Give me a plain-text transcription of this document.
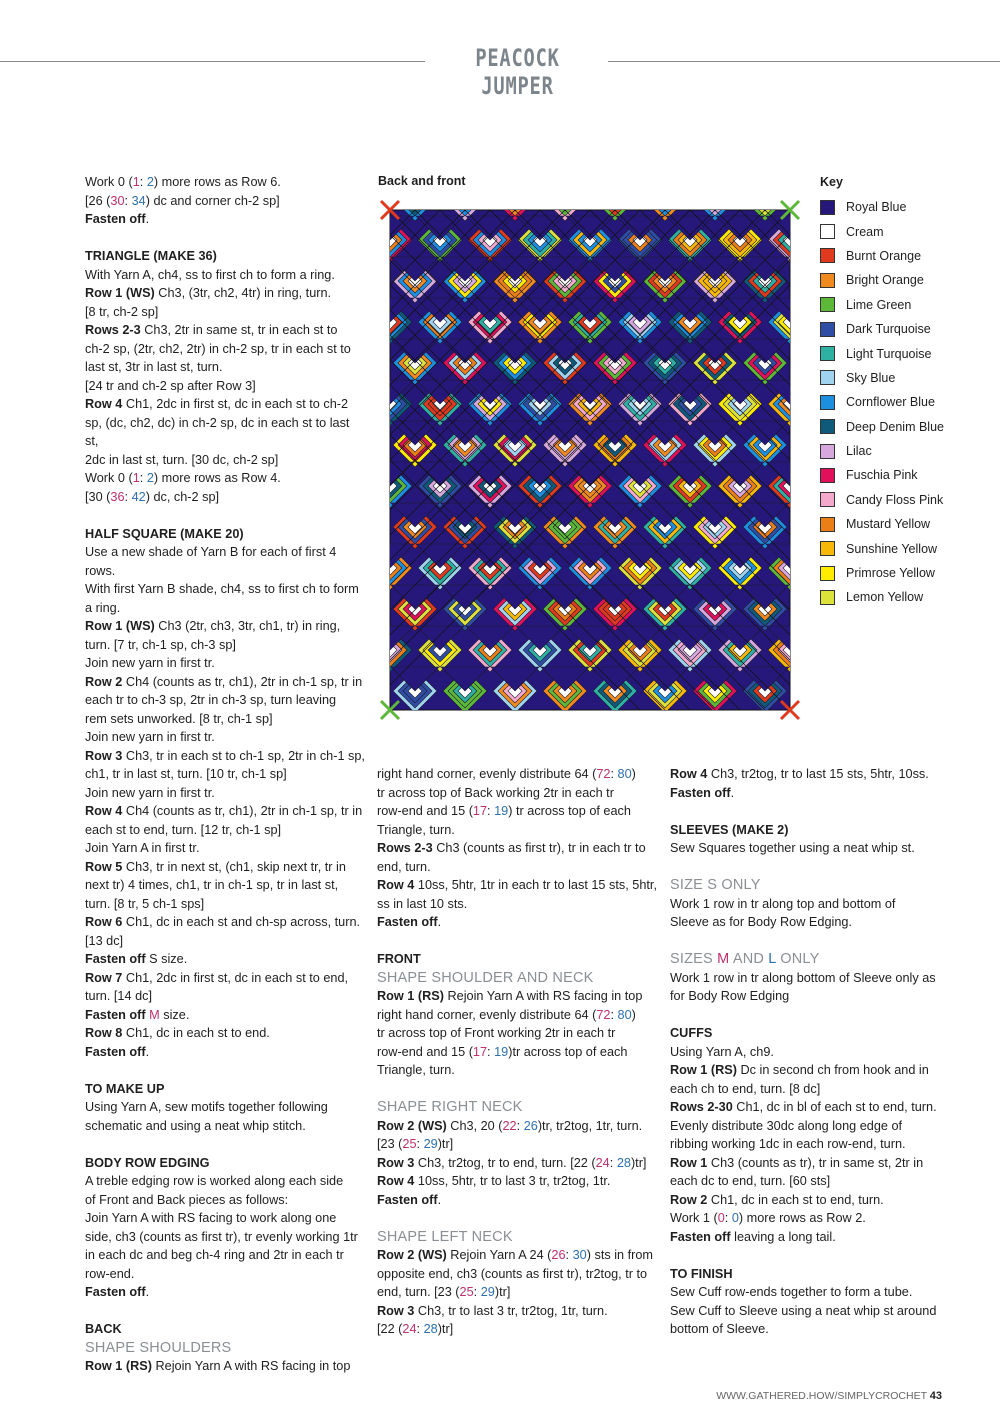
PEACOCK JUMPER

Work 0 (1: 2) more rows as Row 6.

[26 (30: 34) dc and corner ch-2 sp]

Fasten off.

TRIANGLE (MAKE 36)

With Yarn A, ch4, ss to first ch to form a ring.

Row 1 (WS) Ch3, (3tr, ch2, 4tr) in ring, turn.

[8 tr, ch-2 sp]

Rows 2-3 Ch3, 2tr in same st, tr in each st to

ch-2 sp, (2tr, ch2, 2tr) in ch-2 sp, tr in each st to

last st, 3tr in last st, turn.

[24 tr and ch-2 sp after Row 3]

Row 4 Ch1, 2dc in first st, dc in each st to ch-2

sp, (dc, ch2, dc) in ch-2 sp, dc in each st to last st,

2dc in last st, turn. [30 dc, ch-2 sp]

Work 0 (1: 2) more rows as Row 4.

[30 (36: 42) dc, ch-2 sp]

HALF SQUARE (MAKE 20)

Use a new shade of Yarn B for each of first 4 rows.

With first Yarn B shade, ch4, ss to first ch to form

a ring.

Row 1 (WS) Ch3 (2tr, ch3, 3tr, ch1, tr) in ring,

turn. [7 tr, ch-1 sp, ch-3 sp]

Join new yarn in first tr.

Row 2 Ch4 (counts as tr, ch1), 2tr in ch-1 sp, tr in

each tr to ch-3 sp, 2tr in ch-3 sp, turn leaving

rem sets unworked. [8 tr, ch-1 sp]

Join new yarn in first tr.

Row 3 Ch3, tr in each st to ch-1 sp, 2tr in ch-1 sp,

ch1, tr in last st, turn. [10 tr, ch-1 sp]

Join new yarn in first tr.

Row 4 Ch4 (counts as tr, ch1), 2tr in ch-1 sp, tr in

each st to end, turn. [12 tr, ch-1 sp]

Join Yarn A in first tr.

Row 5 Ch3, tr in next st, (ch1, skip next tr, tr in

next tr) 4 times, ch1, tr in ch-1 sp, tr in last st,

turn. [8 tr, 5 ch-1 sps]

Row 6 Ch1, dc in each st and ch-sp across, turn.

[13 dc]

Fasten off S size.

Row 7 Ch1, 2dc in first st, dc in each st to end,

turn. [14 dc]

Fasten off M size.

Row 8 Ch1, dc in each st to end.

Fasten off.

TO MAKE UP

Using Yarn A, sew motifs together following

schematic and using a neat whip stitch.

BODY ROW EDGING

A treble edging row is worked along each side

of Front and Back pieces as follows:

Join Yarn A with RS facing to work along one

side, ch3 (counts as first tr), tr evenly working 1tr

in each dc and beg ch-4 ring and 2tr in each tr

row-end.

Fasten off.

BACK

SHAPE SHOULDERS

Row 1 (RS) Rejoin Yarn A with RS facing in top

Back and front	Key
Royal Blue
Cream
Burnt Orange
Bright Orange
Lime Green
Dark Turquoise
Light Turquoise
Sky Blue
Cornflower Blue
Deep Denim Blue
Lilac
Fuschia Pink
Candy Floss Pink
Mustard Yellow
Sunshine Yellow
Primrose Yellow
Lemon Yellow

right hand corner, evenly distribute 64 (72: 80)

tr across top of Back working 2tr in each tr

row-end and 15 (17: 19) tr across top of each

Triangle, turn.

Rows 2-3 Ch3 (counts as first tr), tr in each tr to

end, turn.

Row 4 10ss, 5htr, 1tr in each tr to last 15 sts, 5htr,

ss in last 10 sts.

Fasten off.

FRONT

SHAPE SHOULDER AND NECK

Row 1 (RS) Rejoin Yarn A with RS facing in top

right hand corner, evenly distribute 64 (72: 80)

tr across top of Front working 2tr in each tr

row-end and 15 (17: 19)tr across top of each

Triangle, turn.

SHAPE RIGHT NECK

Row 2 (WS) Ch3, 20 (22: 26)tr, tr2tog, 1tr, turn.

[23 (25: 29)tr]

Row 3 Ch3, tr2tog, tr to end, turn. [22 (24: 28)tr]

Row 4 10ss, 5htr, tr to last 3 tr, tr2tog, 1tr.

Fasten off.

SHAPE LEFT NECK

Row 2 (WS) Rejoin Yarn A 24 (26: 30) sts in from

opposite end, ch3 (counts as first tr), tr2tog, tr to

end, turn. [23 (25: 29)tr]

Row 3 Ch3, tr to last 3 tr, tr2tog, 1tr, turn.

[22 (24: 28)tr]

Row 4 Ch3, tr2tog, tr to last 15 sts, 5htr, 10ss.

Fasten off.

SLEEVES (MAKE 2)

Sew Squares together using a neat whip st.

SIZE S ONLY

Work 1 row in tr along top and bottom of

Sleeve as for Body Row Edging.

SIZES M AND L ONLY

Work 1 row in tr along bottom of Sleeve only as

for Body Row Edging

CUFFS

Using Yarn A, ch9.

Row 1 (RS) Dc in second ch from hook and in

each ch to end, turn. [8 dc]

Rows 2-30 Ch1, dc in bl of each st to end, turn.

Evenly distribute 30dc along long edge of

ribbing working 1dc in each row-end, turn.

Row 1 Ch3 (counts as tr), tr in same st, 2tr in

each dc to end, turn. [60 sts]

Row 2 Ch1, dc in each st to end, turn.

Work 1 (0: 0) more rows as Row 2.

Fasten off leaving a long tail.

TO FINISH

Sew Cuff row-ends together to form a tube.

Sew Cuff to Sleeve using a neat whip st around

bottom of Sleeve.

WWW.GATHERED.HOW/SIMPLYCROCHET 43
